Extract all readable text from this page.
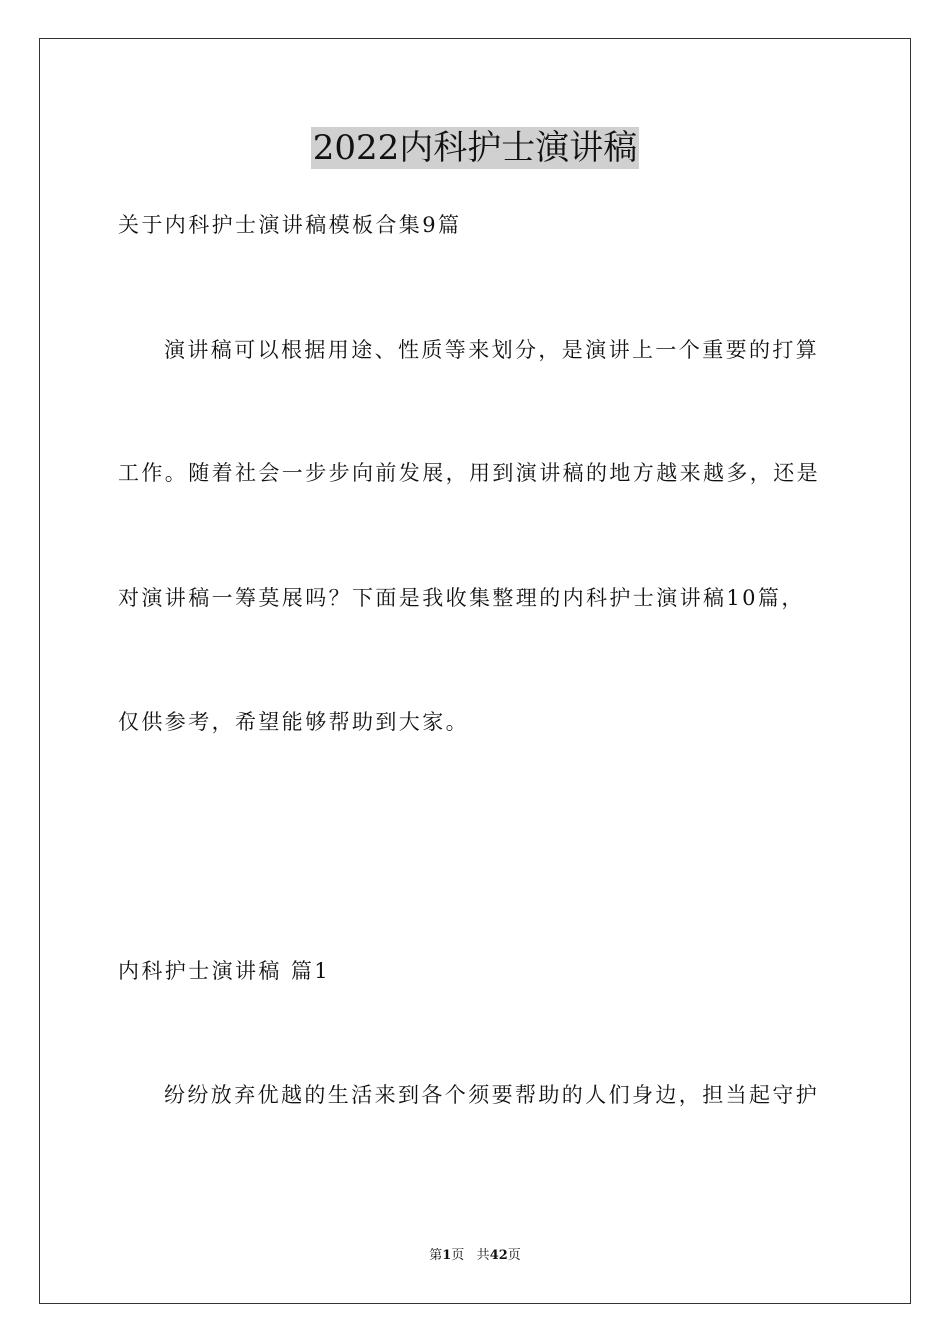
2022内科护士演讲稿
关于内科护士演讲稿模板合集9篇
演讲稿可以根据用途、性质等来划分，是演讲上一个重要的打算
工作。随着社会一步步向前发展，用到演讲稿的地方越来越多，还是
对演讲稿一筹莫展吗？下面是我收集整理的内科护士演讲稿10篇，
仅供参考，希望能够帮助到大家。
内科护士演讲稿 篇1
纷纷放弃优越的生活来到各个须要帮助的人们身边，担当起守护
第1页 共42页
